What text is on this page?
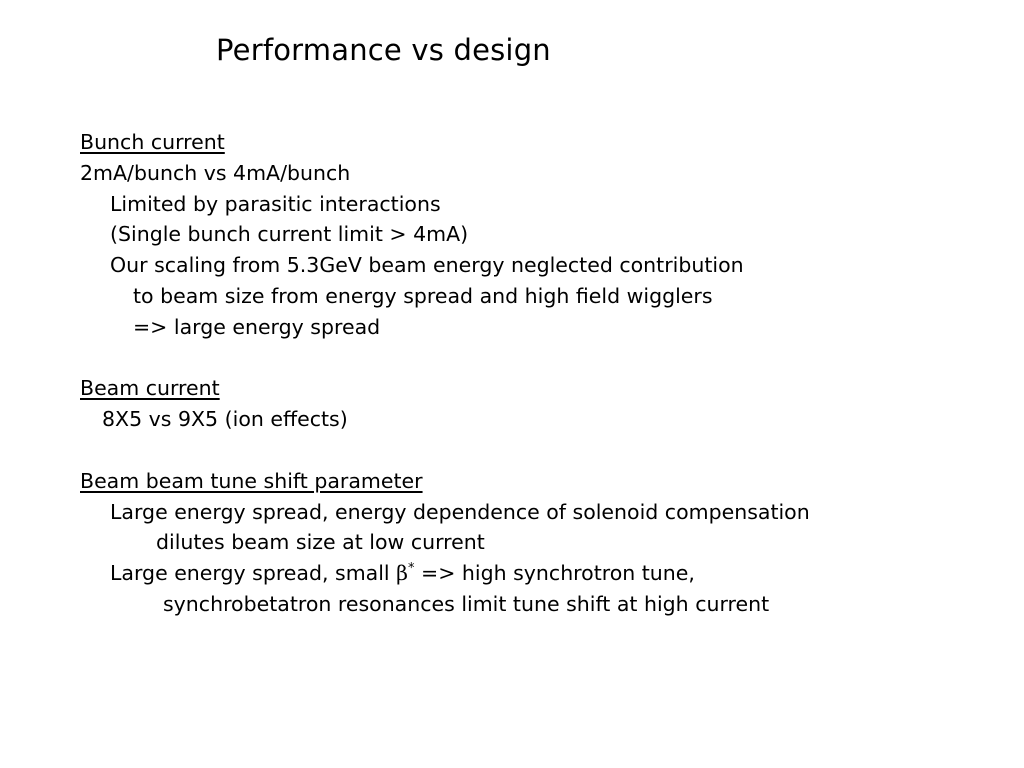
Performance vs design
Bunch current
2mA/bunch vs 4mA/bunch
Limited by parasitic interactions
(Single bunch current limit > 4mA)
Our scaling from 5.3GeV beam energy neglected contribution
to beam size from energy spread and high field wigglers
=> large energy spread
Beam current
8X5 vs 9X5 (ion effects)
Beam beam tune shift parameter
Large energy spread, energy dependence of solenoid compensation
dilutes beam size at low current
Large energy spread, small β* => high synchrotron tune,
synchrobetatron resonances limit tune shift at high current
